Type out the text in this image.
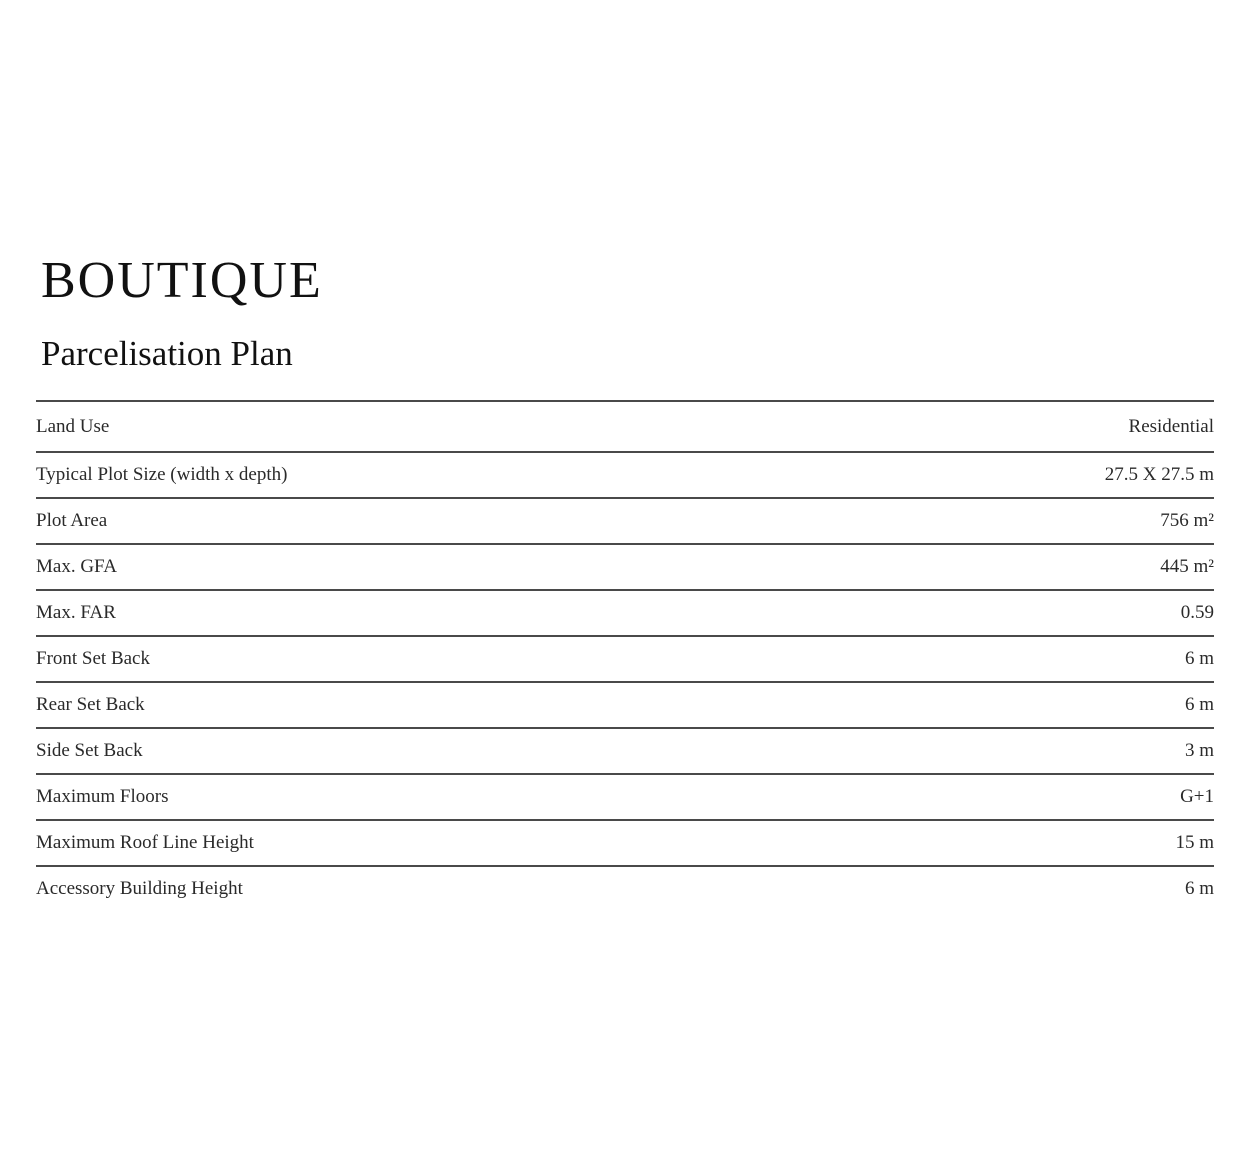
BOUTIQUE
Parcelisation Plan
Land Use	Residential
Typical Plot Size (width x depth)	27.5 X 27.5 m
Plot Area	756 m²
Max. GFA	445 m²
Max. FAR	0.59
Front Set Back	6 m
Rear Set Back	6 m
Side Set Back	3 m
Maximum Floors	G+1
Maximum Roof Line Height	15 m
Accessory Building Height	6 m
